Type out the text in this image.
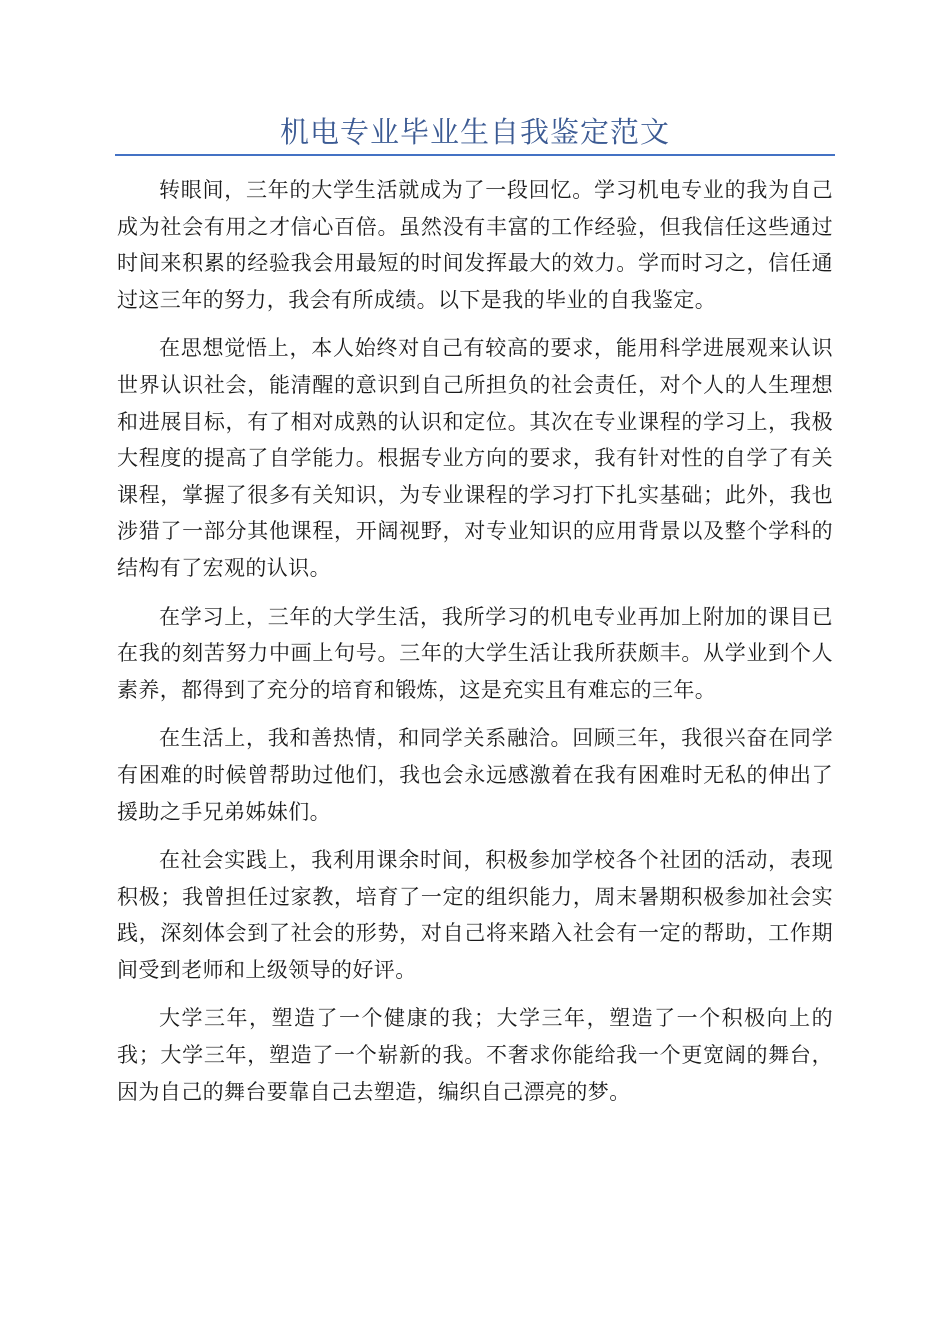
机电专业毕业生自我鉴定范文

转眼间，三年的大学生活就成为了一段回忆。学习机电专业的我为自己成为社会有用之才信心百倍。虽然没有丰富的工作经验，但我信任这些通过时间来积累的经验我会用最短的时间发挥最大的效力。学而时习之，信任通过这三年的努力，我会有所成绩。以下是我的毕业的自我鉴定。

在思想觉悟上，本人始终对自己有较高的要求，能用科学进展观来认识世界认识社会，能清醒的意识到自己所担负的社会责任，对个人的人生理想和进展目标，有了相对成熟的认识和定位。其次在专业课程的学习上，我极大程度的提高了自学能力。根据专业方向的要求，我有针对性的自学了有关课程，掌握了很多有关知识，为专业课程的学习打下扎实基础；此外，我也涉猎了一部分其他课程，开阔视野，对专业知识的应用背景以及整个学科的结构有了宏观的认识。

在学习上，三年的大学生活，我所学习的机电专业再加上附加的课目已在我的刻苦努力中画上句号。三年的大学生活让我所获颇丰。从学业到个人素养，都得到了充分的培育和锻炼，这是充实且有难忘的三年。

在生活上，我和善热情，和同学关系融洽。回顾三年，我很兴奋在同学有困难的时候曾帮助过他们，我也会永远感激着在我有困难时无私的伸出了援助之手兄弟姊妹们。

在社会实践上，我利用课余时间，积极参加学校各个社团的活动，表现积极；我曾担任过家教，培育了一定的组织能力，周末暑期积极参加社会实践，深刻体会到了社会的形势，对自己将来踏入社会有一定的帮助，工作期间受到老师和上级领导的好评。

大学三年，塑造了一个健康的我；大学三年，塑造了一个积极向上的我；大学三年，塑造了一个崭新的我。不奢求你能给我一个更宽阔的舞台，因为自己的舞台要靠自己去塑造，编织自己漂亮的梦。
